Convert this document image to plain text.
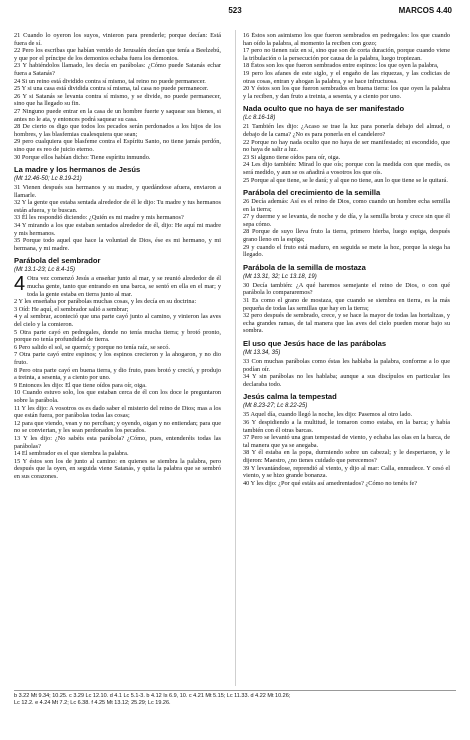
523	MARCOS 4.40

21 Cuando lo oyeron los suyos, vinieron para prenderle; porque decían: Está fuera de sí.

22 Pero los escribas que habían venido de Jerusalén decían que tenía a Beelzebú, y que por el príncipe de los demonios echaba fuera los demonios.

23 Y habiéndolos llamado, les decía en parábolas: ¿Cómo puede Satanás echar fuera a Satanás?

24 Si un reino está dividido contra sí mismo, tal reino no puede permanecer.

25 Y si una casa está dividida contra sí misma, tal casa no puede permanecer.

26 Y si Satanás se levanta contra sí mismo, y se divide, no puede permanecer, sino que ha llegado su fin.

27 Ninguno puede entrar en la casa de un hombre fuerte y saquear sus bienes, si antes no le ata, y entonces podrá saquear su casa.

28 De cierto os digo que todos los pecados serán perdonados a los hijos de los hombres, y las blasfemias cualesquiera que sean;

29 pero cualquiera que blasfeme contra el Espíritu Santo, no tiene jamás perdón, sino que es reo de juicio eterno.

30 Porque ellos habían dicho: Tiene espíritu inmundo.

La madre y los hermanos de Jesús
(Mt 12.46-50; Lc 8.19-21)

31 Vienen después sus hermanos y su madre, y quedándose afuera, enviaron a llamarle.

32 Y la gente que estaba sentada alrededor de él le dijo: Tu madre y tus hermanos están afuera, y te buscan.

33 Él les respondió diciendo: ¿Quién es mi madre y mis hermanos?

34 Y mirando a los que estaban sentados alrededor de él, dijo: He aquí mi madre y mis hermanos.

35 Porque todo aquel que hace la voluntad de Dios, ése es mi hermano, y mi hermana, y mi madre.

Parábola del sembrador
(Mt 13.1-23; Lc 8.4-15)

4 Otra vez comenzó Jesús a enseñar junto al mar, y se reunió alrededor de él mucha gente, tanto que entrando en una barca, se sentó en ella en el mar; y toda la gente estaba en tierra junto al mar.

2 Y les enseñaba por parábolas muchas cosas, y les decía en su doctrina:

3 Oíd: He aquí, el sembrador salió a sembrar;

4 y al sembrar, aconteció que una parte cayó junto al camino, y vinieron las aves del cielo y la comieron.

5 Otra parte cayó en pedregales, donde no tenía mucha tierra; y brotó pronto, porque no tenía profundidad de tierra.

6 Pero salido el sol, se quemó; y porque no tenía raíz, se secó.

7 Otra parte cayó entre espinos; y los espinos crecieron y la ahogaron, y no dio fruto.

8 Pero otra parte cayó en buena tierra, y dio fruto, pues brotó y creció, y produjo a treinta, a sesenta, y a ciento por uno.

9 Entonces les dijo: El que tiene oídos para oír, oiga.

10 Cuando estuvo solo, los que estaban cerca de él con los doce le preguntaron sobre la parábola.

11 Y les dijo: A vosotros os es dado saber el misterio del reino de Dios; mas a los que están fuera, por parábolas todas las cosas;

12 para que viendo, vean y no perciban; y oyendo, oigan y no entiendan; para que no se conviertan, y les sean perdonados los pecados.

13 Y les dijo: ¿No sabéis esta parábola? ¿Cómo, pues, entenderéis todas las parábolas?

14 El sembrador es el que siembra la palabra.

15 Y éstos son los de junto al camino: en quienes se siembra la palabra, pero después que la oyen, en seguida viene Satanás, y quita la palabra que se sembró en sus corazones.

16 Éstos son asimismo los que fueron sembrados en pedregales: los que cuando han oído la palabra, al momento la reciben con gozo;

17 pero no tienen raíz en sí, sino que son de corta duración, porque cuando viene la tribulación o la persecución por causa de la palabra, luego tropiezan.

18 Éstos son los que fueron sembrados entre espinos: los que oyen la palabra,

19 pero los afanes de este siglo, y el engaño de las riquezas, y las codicias de otras cosas, entran y ahogan la palabra, y se hace infructuosa.

20 Y éstos son los que fueron sembrados en buena tierra: los que oyen la palabra y la reciben, y dan fruto a treinta, a sesenta, y a ciento por uno.

Nada oculto que no haya de ser manifestado
(Lc 8.16-18)

21 También les dijo: ¿Acaso se trae la luz para ponerla debajo del almud, o debajo de la cama? ¿No es para ponerla en el candelero?

22 Porque no hay nada oculto que no haya de ser manifestado; ni escondido, que no haya de salir a luz.

23 Si alguno tiene oídos para oír, oiga.

24 Les dijo también: Mirad lo que oís; porque con la medida con que medís, os será medido, y aun se os añadirá a vosotros los que oís.

25 Porque al que tiene, se le dará; y al que no tiene, aun lo que tiene se le quitará.

Parábola del crecimiento de la semilla

26 Decía además: Así es el reino de Dios, como cuando un hombre echa semilla en la tierra;

27 y duerme y se levanta, de noche y de día, y la semilla brota y crece sin que él sepa cómo.

28 Porque de suyo lleva fruto la tierra, primero hierba, luego espiga, después grano lleno en la espiga;

29 y cuando el fruto está maduro, en seguida se mete la hoz, porque la siega ha llegado.

Parábola de la semilla de mostaza
(Mt 13.31, 32; Lc 13.18, 19)

30 Decía también: ¿A qué haremos semejante el reino de Dios, o con qué parábola lo compararemos?

31 Es como el grano de mostaza, que cuando se siembra en tierra, es la más pequeña de todas las semillas que hay en la tierra;

32 pero después de sembrado, crece, y se hace la mayor de todas las hortalizas, y echa grandes ramas, de tal manera que las aves del cielo pueden morar bajo su sombra.

El uso que Jesús hace de las parábolas
(Mt 13.34, 35)

33 Con muchas parábolas como éstas les hablaba la palabra, conforme a lo que podían oír.

34 Y sin parábolas no les hablaba; aunque a sus discípulos en particular les declaraba todo.

Jesús calma la tempestad
(Mt 8.23-27; Lc 8.22-25)

35 Aquel día, cuando llegó la noche, les dijo: Pasemos al otro lado.

36 Y despidiendo a la multitud, le tomaron como estaba, en la barca; y había también con él otras barcas.

37 Pero se levantó una gran tempestad de viento, y echaba las olas en la barca, de tal manera que ya se anegaba.

38 Y él estaba en la popa, durmiendo sobre un cabezal; y le despertaron, y le dijeron: Maestro, ¿no tienes cuidado que perecemos?

39 Y levantándose, reprendió al viento, y dijo al mar: Calla, enmudece. Y cesó el viento, y se hizo grande bonanza.

40 Y les dijo: ¿Por qué estáis así amedrentados? ¿Cómo no tenéis fe?

b 3.22 Mt 9.34; 10.25. c 3.29 Lc 12.10. d 4.1 Lc 5.1-3. b 4.12 Is 6.9, 10. c 4.21 Mt 5.15; Lc 11.33. d 4.22 Mt 10.26;
Lc 12.2. e 4.24 Mt 7.2; Lc 6.38. f 4.25 Mt 13.12; 25.29; Lc 19.26.
